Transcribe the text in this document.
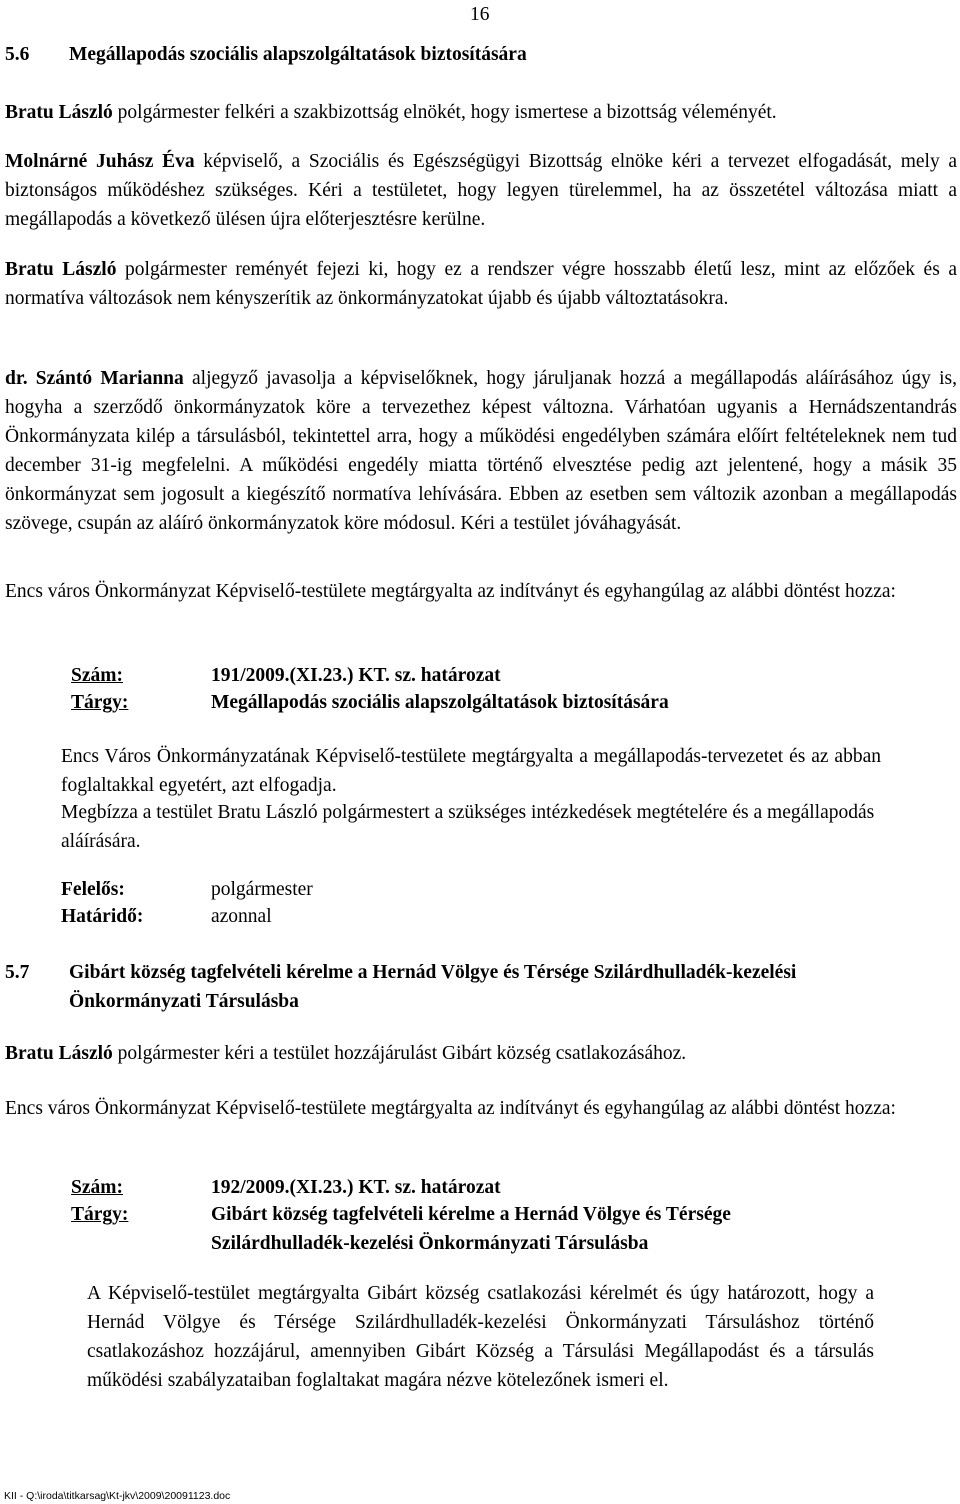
16
5.6 Megállapodás szociális alapszolgáltatások biztosítására

Bratu László polgármester felkéri a szakbizottság elnökét, hogy ismertese a bizottság véleményét.

Molnárné Juhász Éva képviselő, a Szociális és Egészségügyi Bizottság elnöke kéri a tervezet elfogadását, mely a biztonságos működéshez szükséges. Kéri a testületet, hogy legyen türelemmel, ha az összetétel változása miatt a megállapodás a következő ülésen újra előterjesztésre kerülne.

Bratu László polgármester reményét fejezi ki, hogy ez a rendszer végre hosszabb életű lesz, mint az előzőek és a normatíva változások nem kényszerítik az önkormányzatokat újabb és újabb változtatásokra.

dr. Szántó Marianna aljegyző javasolja a képviselőknek, hogy járuljanak hozzá a megállapodás aláírásához úgy is, hogyha a szerződő önkormányzatok köre a tervezethez képest változna. Várhatóan ugyanis a Hernádszentandrás Önkormányzata kilép a társulásból, tekintettel arra, hogy a működési engedélyben számára előírt feltételeknek nem tud december 31-ig megfelelni. A működési engedély miatta történő elvesztése pedig azt jelentené, hogy a másik 35 önkormányzat sem jogosult a kiegészítő normatíva lehívására. Ebben az esetben sem változik azonban a megállapodás szövege, csupán az aláíró önkormányzatok köre módosul. Kéri a testület jóváhagyását.

Encs város Önkormányzat Képviselő-testülete megtárgyalta az indítványt és egyhangúlag az alábbi döntést hozza:

Szám:	191/2009.(XI.23.) KT. sz. határozat
Tárgy:	Megállapodás szociális alapszolgáltatások biztosítására
Encs Város Önkormányzatának Képviselő-testülete megtárgyalta a megállapodás-tervezetet és az abban foglaltakkal egyetért, azt elfogadja.
Megbízza a testület Bratu László polgármestert a szükséges intézkedések megtételére és a megállapodás aláírására.
Felelős:	polgármester
Határidő:	azonnal
5.7 Gibárt község tagfelvételi kérelme a Hernád Völgye és Térsége Szilárdhulladék-kezelési
Önkormányzati Társulásba

Bratu László polgármester kéri a testület hozzájárulást Gibárt község csatlakozásához.

Encs város Önkormányzat Képviselő-testülete megtárgyalta az indítványt és egyhangúlag az alábbi döntést hozza:

Szám:	192/2009.(XI.23.) KT. sz. határozat
Tárgy:	Gibárt község tagfelvételi kérelme a Hernád Völgye és Térsége
Szilárdhulladék-kezelési Önkormányzati Társulásba
A Képviselő-testület megtárgyalta Gibárt község csatlakozási kérelmét és úgy határozott, hogy a Hernád Völgye és Térsége Szilárdhulladék-kezelési Önkormányzati Társuláshoz történő csatlakozáshoz hozzájárul, amennyiben Gibárt Község a Társulási Megállapodást és a társulás működési szabályzataiban foglaltakat magára nézve kötelezőnek ismeri el.
KII - Q:\iroda\titkarsag\Kt-jkv\2009\20091123.doc
